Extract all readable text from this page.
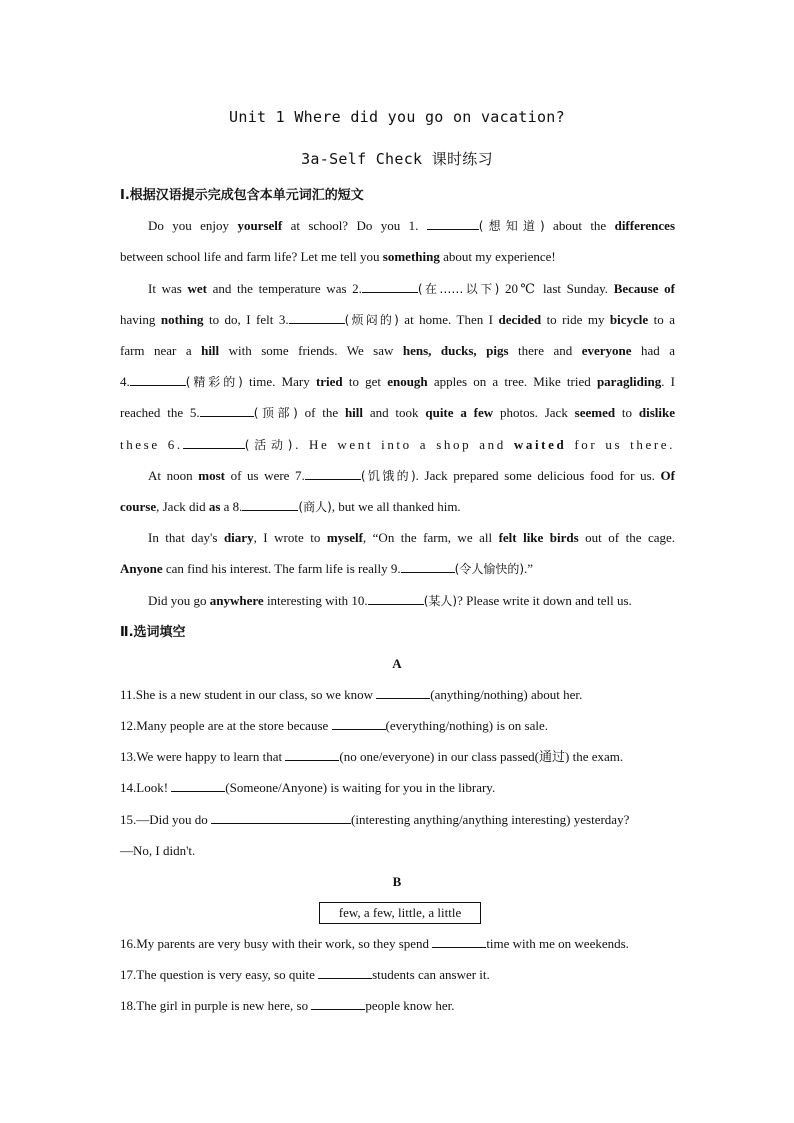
Unit 1 Where did you go on vacation?
3a-Self Check 课时练习
Ⅰ.根据汉语提示完成包含本单元词汇的短文
Do you enjoy yourself at school? Do you 1.	(想知道) about the differences
between school life and farm life? Let me tell you something about my experience!
It was wet and the temperature was 2.	(在……以下) 20℃ last Sunday. Because of
having nothing to do, I felt 3.	(烦闷的) at home. Then I decided to ride my bicycle to a
farm near a hill with some friends. We saw hens, ducks, pigs there and everyone had a
4.	(精彩的) time. Mary tried to get enough apples on a tree. Mike tried paragliding. I
reached the 5.	(顶部) of the hill and took quite a few photos. Jack seemed to dislike
these 6.	(活动). He went into a shop and waited for us there.
At noon most of us were 7.	(饥饿的). Jack prepared some delicious food for us. Of
course, Jack did as a 8.	(商人), but we all thanked him.
In that day's diary, I wrote to myself, “On the farm, we all felt like birds out of the cage.
Anyone can find his interest. The farm life is really 9.	(令人愉快的).”
Did you go anywhere interesting with 10.	(某人)? Please write it down and tell us.
Ⅱ.选词填空
A
11.She is a new student in our class, so we know	(anything/nothing) about her.
12.Many people are at the store because	(everything/nothing) is on sale.
13.We were happy to learn that	(no one/everyone) in our class passed(通过) the exam.
14.Look!	(Someone/Anyone) is waiting for you in the library.
15.—Did you do	(interesting anything/anything interesting) yesterday?
—No, I didn't.
B
few, a few, little, a little
16.My parents are very busy with their work, so they spend	time with me on weekends.
17.The question is very easy, so quite	students can answer it.
18.The girl in purple is new here, so	people know her.
